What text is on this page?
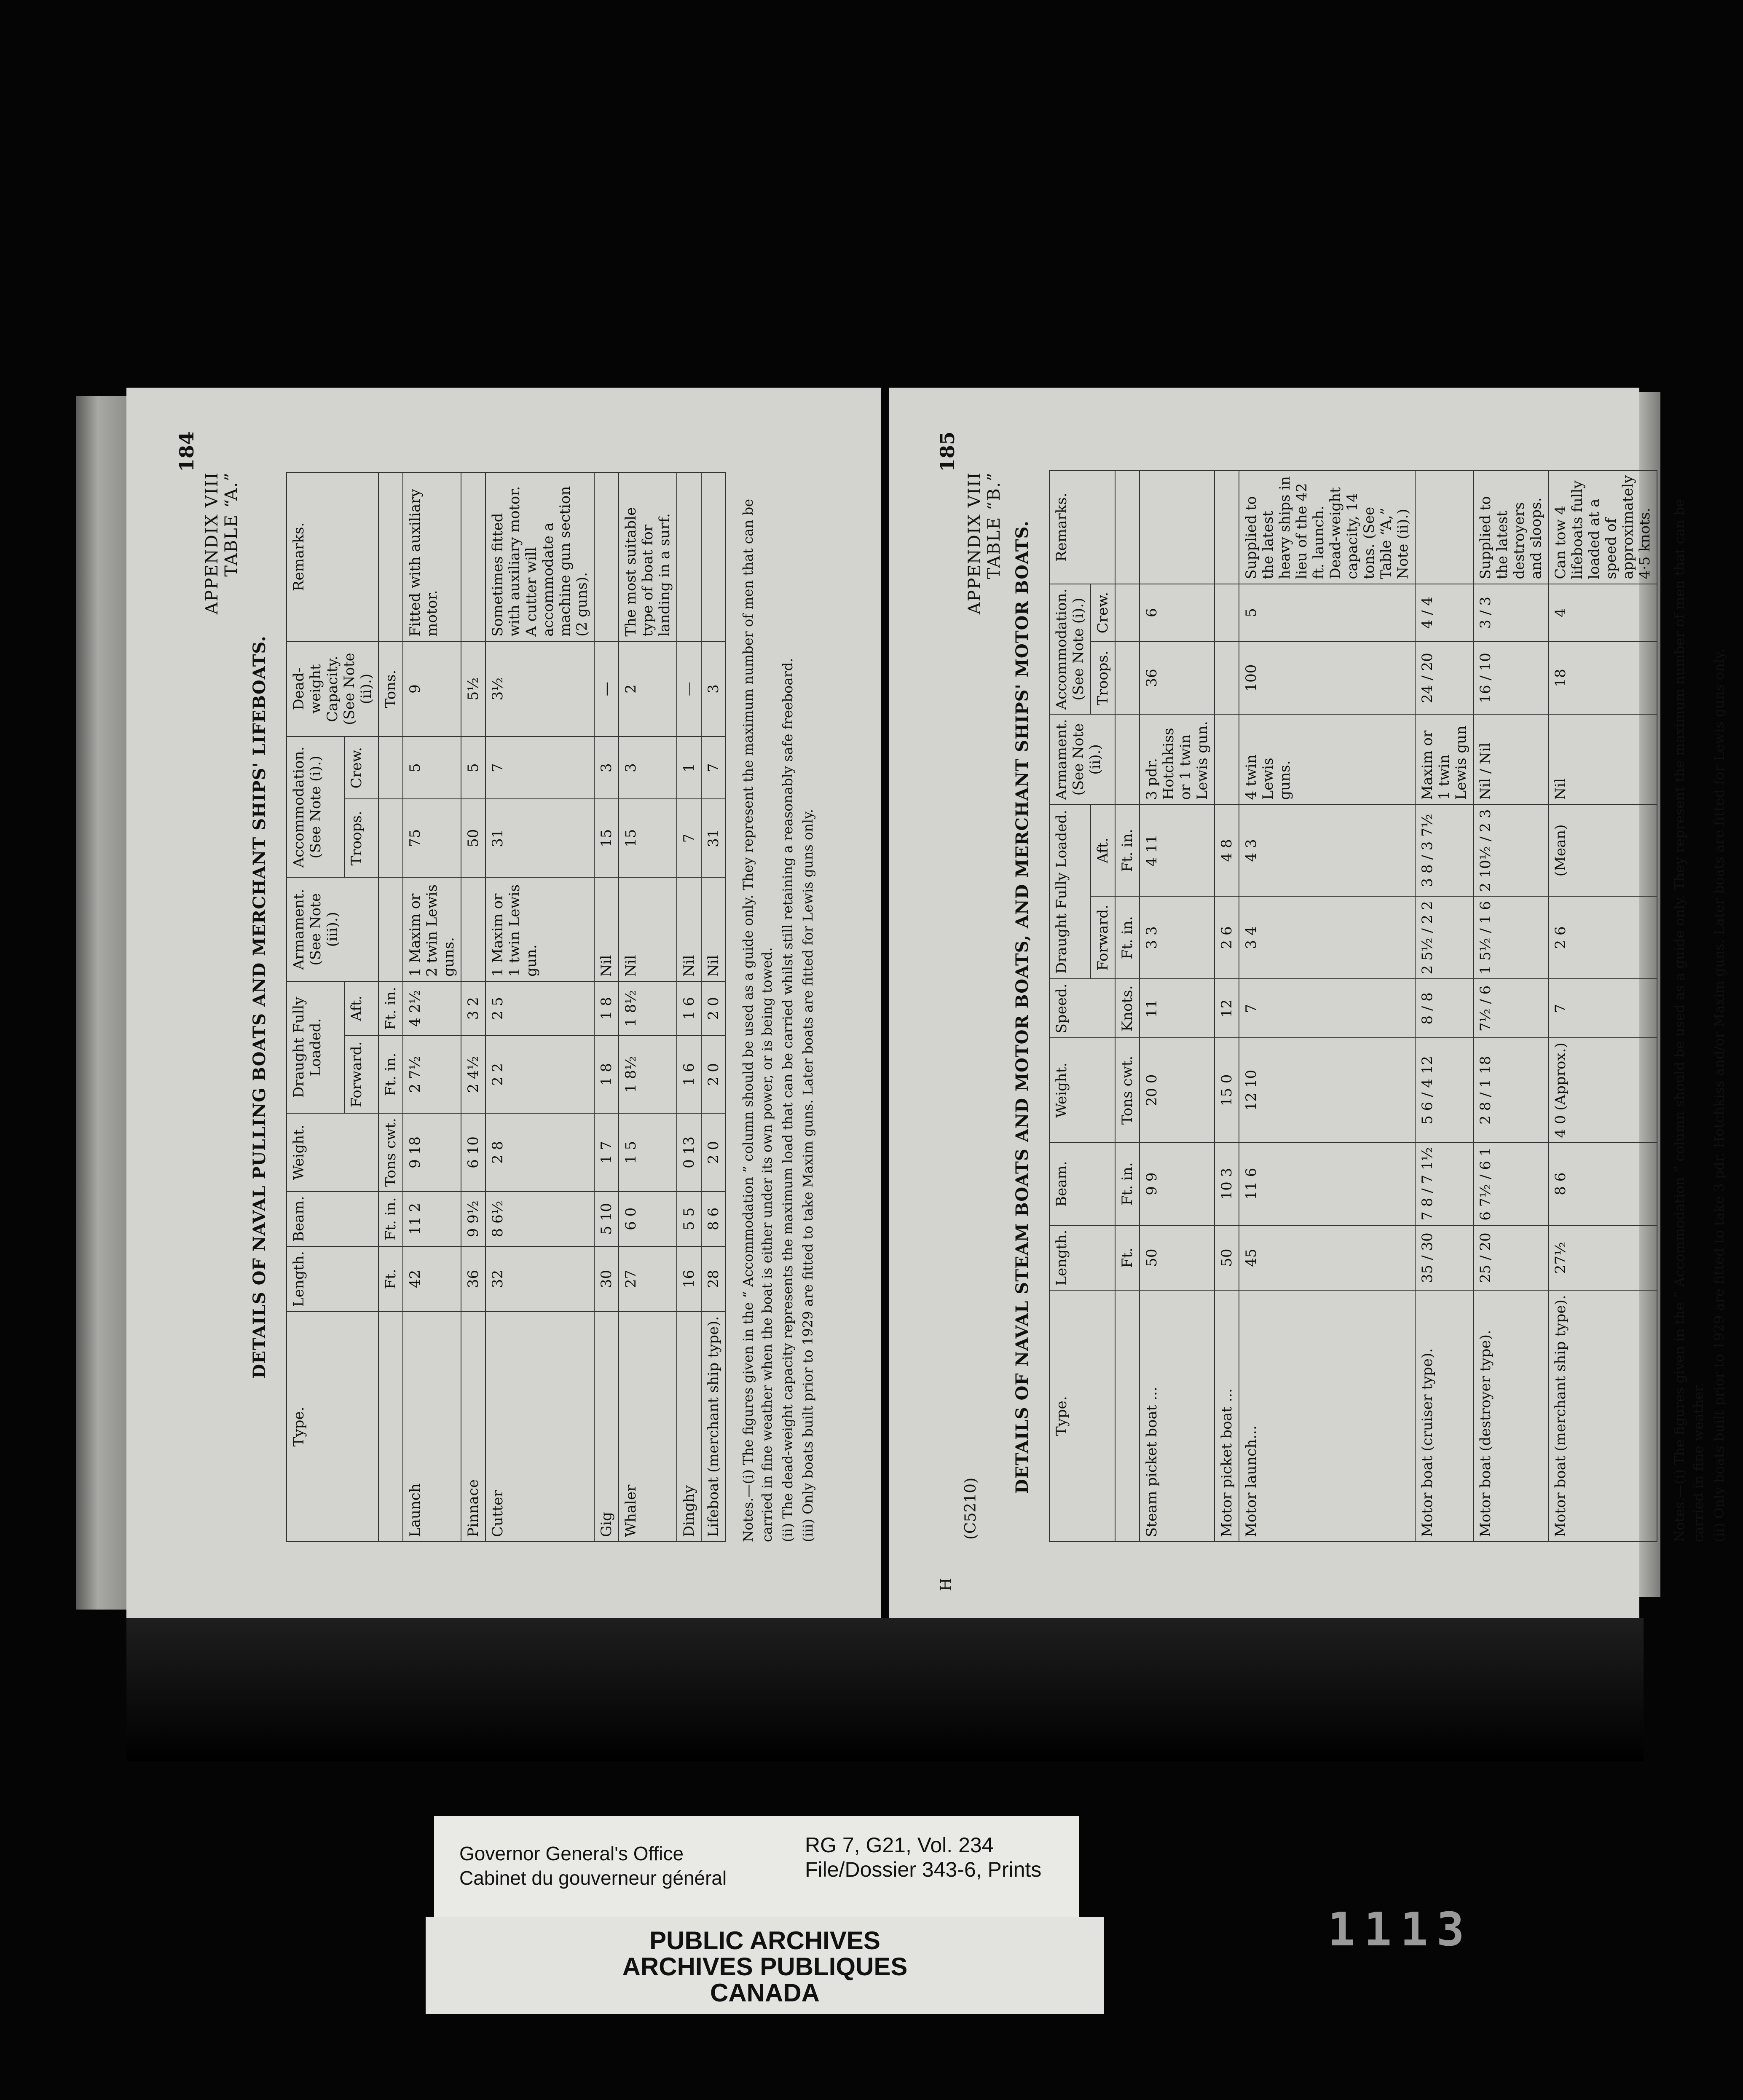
APPENDIX VIII TABLE “A.”
DETAILS OF NAVAL PULLING BOATS AND MERCHANT SHIPS' LIFEBOATS.
Type.	Length.	Beam.	Weight.	Draught Fully Loaded.		Armament. (See Note (iii).)	Accommodation. (See Note (i).)		Dead-weight Capacity. (See Note (ii).)	Remarks.
				Forward.	Aft.		Troops.	Crew.		
	Ft.	Ft. in.	Tons cwt.	Ft. in.	Ft. in.				Tons.	
Launch	42	11 2	9 18	2 7½	4 2½	1 Maxim or 2 twin Lewis guns.	75	5	9	Fitted with auxiliary motor.
Pinnace	36	9 9½	6 10	2 4½	3 2		50	5	5½	
Cutter	32	8 6½	2 8	2 2	2 5	1 Maxim or 1 twin Lewis gun.	31	7	3½	Sometimes fitted with auxiliary motor. A cutter will accommodate a machine gun section (2 guns).
Gig	30	5 10	1 7	1 8	1 8	Nil	15	3	—	
Whaler	27	6 0	1 5	1 8½	1 8½	Nil	15	3	2	The most suitable type of boat for landing in a surf.
Dinghy	16	5 5	0 13	1 6	1 6	Nil	7	1	—	
Lifeboat (merchant ship type).	28	8 6	2 0	2 0	2 0	Nil	31	7	3	Notes.—(i) The figures given in the “ Accommodation ” column should be used as a guide only. They represent the maximum number of men that can be carried in fine weather when the boat is either under its own power, or is being towed. (ii) The dead-weight capacity represents the maximum load that can be carried whilst still retaining a reasonably safe freeboard. (iii) Only boats built prior to 1929 are fitted to take Maxim guns. Later boats are fitted for Lewis guns only.

184
APPENDIX VIII TABLE “B.” DETAILS OF NAVAL STEAM BOATS AND MOTOR BOATS, AND MERCHANT SHIPS' MOTOR BOATS. Type.	Length.	Beam.	Weight.	Speed.	Draught Fully Loaded.		Armament. (See Note (ii).)	Accommodation. (See Note (i).)		Remarks.
					Forward.	Aft.		Troops.	Crew.	
	Ft.	Ft. in.	Tons cwt.	Knots.	Ft. in.	Ft. in.				
Steam picket boat ...	50	9 9	20 0	11	3 3	4 11	3 pdr. Hotchkiss or 1 twin Lewis gun.	36	6	
Motor picket boat ...	50	10 3	15 0	12	2 6	4 8				
Motor launch...	45	11 6	12 10	7	3 4	4 3	4 twin Lewis guns.	100	5	Supplied to the latest heavy ships in lieu of the 42 ft. launch. Dead-weight capacity, 14 tons. (See Table “A,” Note (ii).)
Motor boat (cruiser type).	35 / 30	7 8 / 7 1½	5 6 / 4 12	8 / 8	2 5½ / 2 2	3 8 / 3 7½	Maxim or 1 twin Lewis gun	24 / 20	4 / 4	
Motor boat (destroyer type).	25 / 20	6 7½ / 6 1	2 8 / 1 18	7½ / 6	1 5½ / 1 6	2 10½ / 2 3	Nil / Nil	16 / 10	3 / 3	Supplied to the latest destroyers and sloops.
Motor boat (merchant ship type).	27½	8 6	4 0 (Approx.)	7	2 6	(Mean)	Nil	18	4	Can tow 4 lifeboats fully loaded at a speed of approximately 4·5 knots. Notes.—(i) The figures given in the “ Accommodation ” column should be used as a guide only. They represent the maximum number of men that can be carried in fine weather. (ii) Only boats built prior to 1929 are fitted to take 3 pdr. Hotchkiss and/or Maxim guns. Later boats are fitted for Lewis guns only.

185
(C5210)
H
Governor General's Office
Cabinet du gouverneur général
RG 7, G21, Vol. 234
File/Dossier 343-6, Prints
PUBLIC ARCHIVES
ARCHIVES PUBLIQUES
CANADA
1113
